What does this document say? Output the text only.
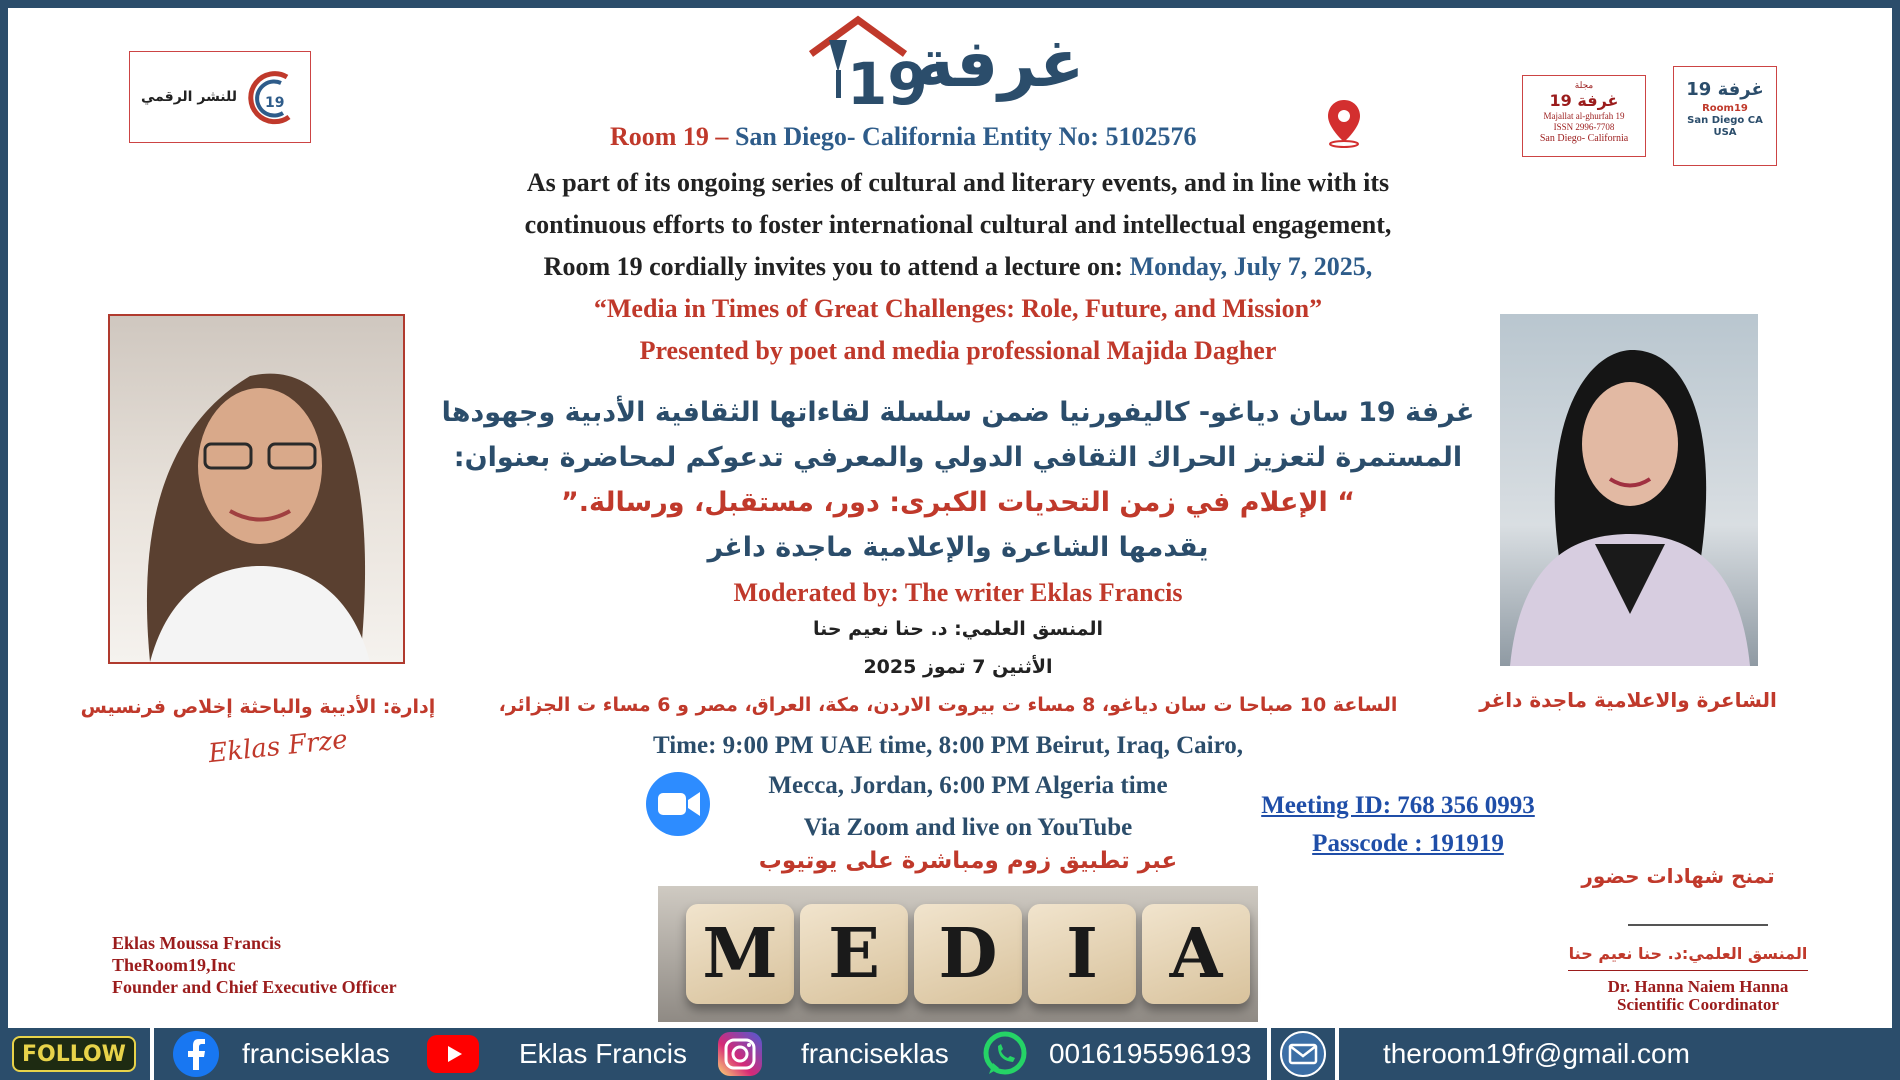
للنشر الرقمي 19	19
غرفة	مجلة
غرفة 19
Majallat al-ghurfah 19
ISSN 2996-7708
San Diego- California
غرفة 19
Room19
San Diego CA
USA
Room 19 – San Diego- California Entity No: 5102576
As part of its ongoing series of cultural and literary events, and in line with its
continuous efforts to foster international cultural and intellectual engagement,
Room 19 cordially invites you to attend a lecture on: Monday, July 7, 2025,
“Media in Times of Great Challenges: Role, Future, and Mission”
Presented by poet and media professional Majida Dagher
غرفة 19 سان دياغو- كاليفورنيا ضمن سلسلة لقاءاتها الثقافية الأدبية وجهودها
المستمرة لتعزيز الحراك الثقافي الدولي والمعرفي تدعوكم لمحاضرة بعنوان:
“ الإعلام في زمن التحديات الكبرى: دور، مستقبل، ورسالة.”
يقدمها الشاعرة والإعلامية ماجدة داغر
Moderated by: The writer Eklas Francis
المنسق العلمي: د. حنا نعيم حنا
الأثنين 7 تموز 2025
الساعة 10 صباحا ت سان دياغو، 8 مساء ت بيروت الاردن، مكة، العراق، مصر و 6 مساء ت الجزائر،
Time: 9:00 PM UAE time, 8:00 PM Beirut, Iraq, Cairo,
Mecca, Jordan, 6:00 PM Algeria time
Via Zoom and live on YouTube
عبر تطبيق زوم ومباشرة على يوتيوب
Meeting ID: 768 356 0993
Passcode : 191919
إدارة: الأديبة والباحثة إخلاص فرنسيس
Eklas Frze
Eklas Moussa Francis
TheRoom19,Inc
Founder and Chief Executive Officer
الشاعرة والاعلامية ماجدة داغر
تمنح شهادات حضور
المنسق العلمي:د. حنا نعيم حنا
Dr. Hanna Naiem Hanna
Scientific Coordinator
M E D	I	A
FOLLOW	franciseklas	Eklas Francis	franciseklas	0016195596193	theroom19fr@gmail.com
